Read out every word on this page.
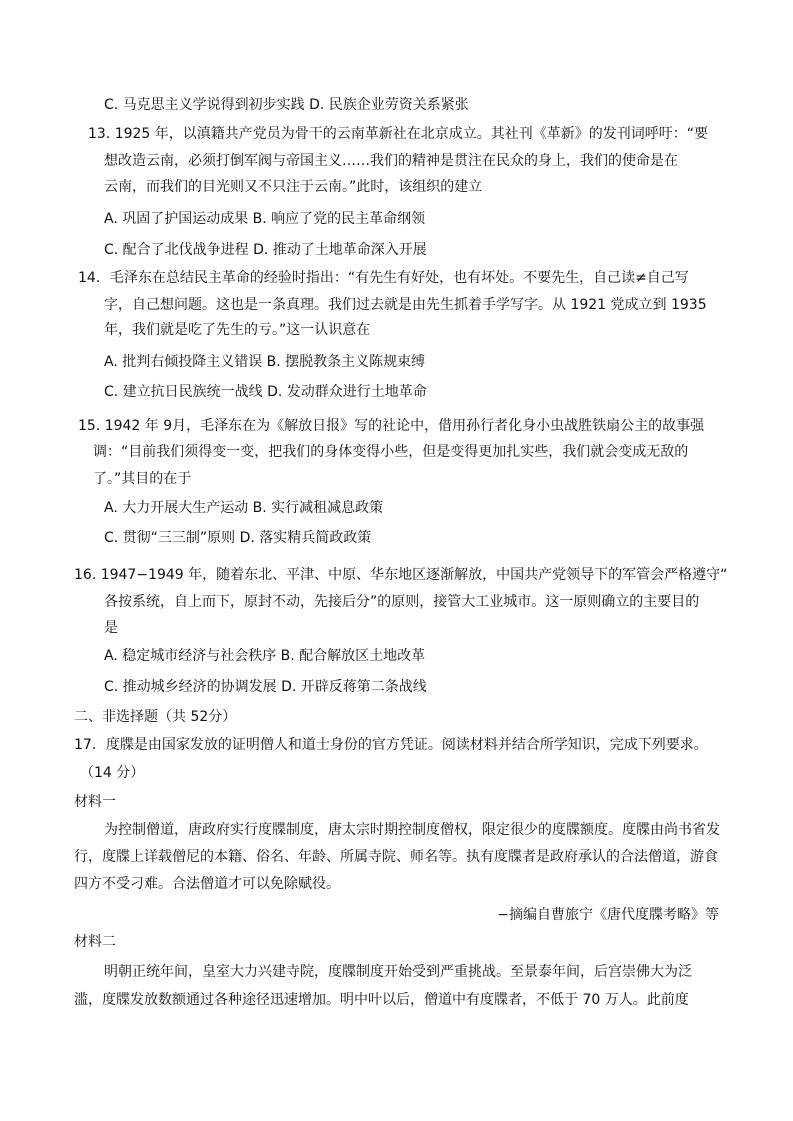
C. 马克思主义学说得到初步实践 D. 民族企业劳资关系紧张
13. 1925 年，以滇籍共产党员为骨干的云南革新社在北京成立。其社刊《革新》的发刊词呼吁：“要
想改造云南，必须打倒军阀与帝国主义……我们的精神是贯注在民众的身上，我们的使命是在
云南，而我们的目光则又不只注于云南。”此时，该组织的建立
A. 巩固了护国运动成果 B. 响应了党的民主革命纲领
C. 配合了北伐战争进程 D. 推动了土地革命深入开展
14．毛泽东在总结民主革命的经验时指出：“有先生有好处，也有坏处。不要先生，自己读≠自己写
字，自己想问题。这也是一条真理。我们过去就是由先生抓着手学写字。从 1921 党成立到 1935
年，我们就是吃了先生的亏。”这一认识意在
A. 批判右倾投降主义错误 B. 摆脱教条主义陈规束缚
C. 建立抗日民族统一战线 D. 发动群众进行土地革命
15. 1942 年 9月，毛泽东在为《解放日报》写的社论中，借用孙行者化身小虫战胜铁扇公主的故事强
调：“目前我们须得变一变，把我们的身体变得小些，但是变得更加扎实些，我们就会变成无敌的
了。”其目的在于
A. 大力开展大生产运动 B. 实行减租减息政策
C. 贯彻“三三制”原则 D. 落实精兵简政政策
16. 1947−1949 年，随着东北、平津、中原、华东地区逐渐解放，中国共产党领导下的军管会严格遵守“
各按系统，自上而下，原封不动，先接后分”的原则，接管大工业城市。这一原则确立的主要目的
是
A. 稳定城市经济与社会秩序 B. 配合解放区土地改革
C. 推动城乡经济的协调发展 D. 开辟反蒋第二条战线
二、非选择题（共 52分）
17．度牒是由国家发放的证明僧人和道士身份的官方凭证。阅读材料并结合所学知识，完成下列要求。
（14 分）
材料一
为控制僧道，唐政府实行度牒制度，唐太宗时期控制度僧权，限定很少的度牒额度。度牒由尚书省发
行，度牒上详载僧尼的本籍、俗名、年龄、所属寺院、师名等。执有度牒者是政府承认的合法僧道，游食
四方不受刁难。合法僧道才可以免除赋役。
−摘编自曹旅宁《唐代度牒考略》等
材料二
明朝正统年间，皇室大力兴建寺院，度牒制度开始受到严重挑战。至景泰年间，后宫崇佛大为泛
滥，度牒发放数额通过各种途径迅速增加。明中叶以后，僧道中有度牒者，不低于 70 万人。此前度
